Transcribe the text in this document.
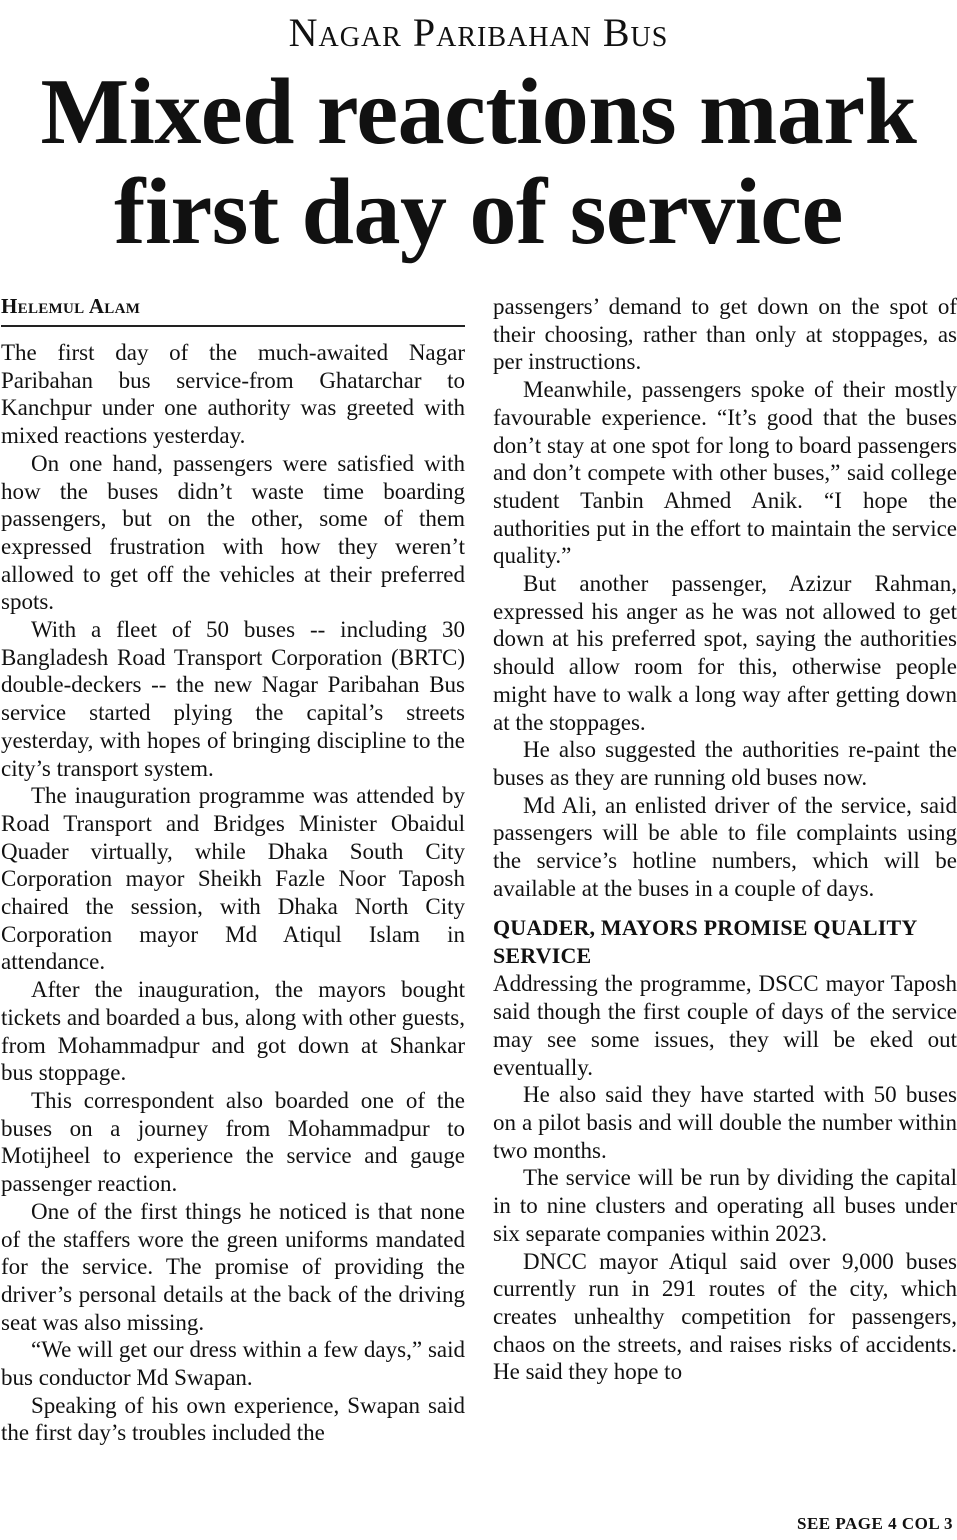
Nagar Paribahan Bus
Mixed reactions mark
first day of service
Helemul Alam

The first day of the much-awaited Nagar Paribahan bus service-from Ghatarchar to Kanchpur under one authority was greeted with mixed reactions yesterday.

On one hand, passengers were satisfied with how the buses didn’t waste time boarding passengers, but on the other, some of them expressed frustration with how they weren’t allowed to get off the vehicles at their preferred spots.

With a fleet of 50 buses -- including 30 Bangladesh Road Transport Corporation (BRTC) double-deckers -- the new Nagar Paribahan Bus service started plying the capital’s streets yesterday, with hopes of bringing discipline to the city’s transport system.

The inauguration programme was attended by Road Transport and Bridges Minister Obaidul Quader virtually, while Dhaka South City Corporation mayor Sheikh Fazle Noor Taposh chaired the session, with Dhaka North City Corporation mayor Md Atiqul Islam in attendance.

After the inauguration, the mayors bought tickets and boarded a bus, along with other guests, from Mohammadpur and got down at Shankar bus stoppage.

This correspondent also boarded one of the buses on a journey from Mohammadpur to Motijheel to experience the service and gauge passenger reaction.

One of the first things he noticed is that none of the staffers wore the green uniforms mandated for the service. The promise of providing the driver’s personal details at the back of the driving seat was also missing.

“We will get our dress within a few days,” said bus conductor Md Swapan.

Speaking of his own experience, Swapan said the first day’s troubles included the

passengers’ demand to get down on the spot of their choosing, rather than only at stoppages, as per instructions.

Meanwhile, passengers spoke of their mostly favourable experience. “It’s good that the buses don’t stay at one spot for long to board passengers and don’t compete with other buses,” said college student Tanbin Ahmed Anik. “I hope the authorities put in the effort to maintain the service quality.”

But another passenger, Azizur Rahman, expressed his anger as he was not allowed to get down at his preferred spot, saying the authorities should allow room for this, otherwise people might have to walk a long way after getting down at the stoppages.

He also suggested the authorities re-paint the buses as they are running old buses now.

Md Ali, an enlisted driver of the service, said passengers will be able to file complaints using the service’s hotline numbers, which will be available at the buses in a couple of days.

QUADER, MAYORS PROMISE QUALITY SERVICE

Addressing the programme, DSCC mayor Taposh said though the first couple of days of the service may see some issues, they will be eked out eventually.

He also said they have started with 50 buses on a pilot basis and will double the number within two months.

The service will be run by dividing the capital in to nine clusters and operating all buses under six separate companies within 2023.

DNCC mayor Atiqul said over 9,000 buses currently run in 291 routes of the city, which creates unhealthy competition for passengers, chaos on the streets, and raises risks of accidents. He said they hope to

SEE PAGE 4 COL 3
